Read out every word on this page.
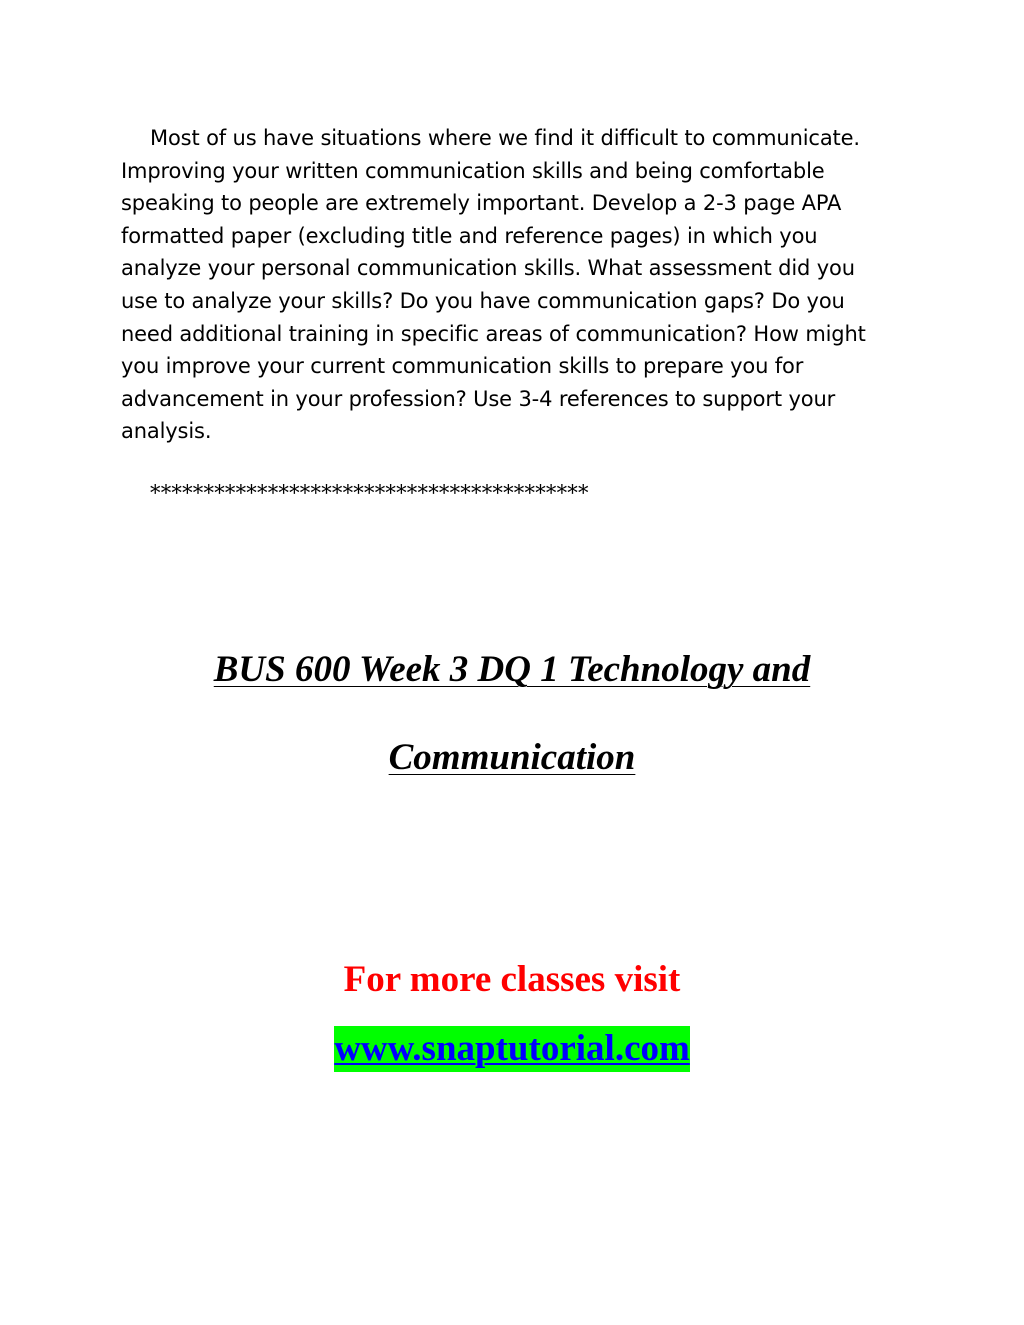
Most of us have situations where we find it difficult to communicate.
Improving your written communication skills and being comfortable
speaking to people are extremely important. Develop a 2-3 page APA
formatted paper (excluding title and reference pages) in which you
analyze your personal communication skills. What assessment did you
use to analyze your skills? Do you have communication gaps? Do you
need additional training in specific areas of communication? How might
you improve your current communication skills to prepare you for
advancement in your profession? Use 3-4 references to support your
analysis.

*****************************************

BUS 600 Week 3 DQ 1 Technology and
Communication

For more classes visit

www.snaptutorial.com
